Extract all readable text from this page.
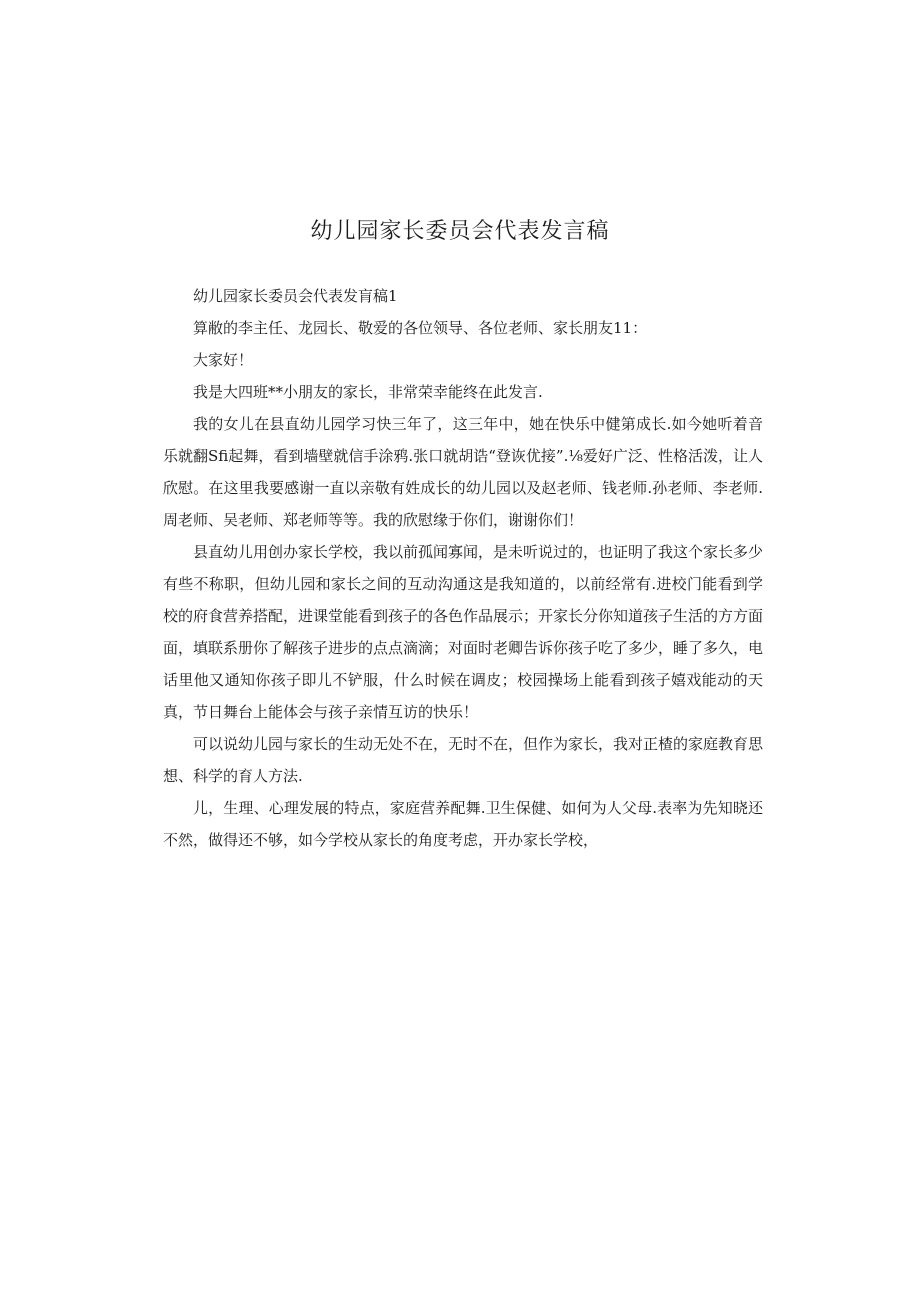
幼儿园家长委员会代表发言稿

幼儿园家长委员会代表发肓稿1

算敝的李主任、龙园长、敬爱的各位领导、各位老师、家长朋友11：

大家好！

我是大四班**小朋友的家长，非常荣幸能终在此发言.

我的女儿在县直幼儿园学习快三年了，这三年中，她在快乐中健第成长.如今她听着音乐就翻Sfi起舞，看到墙壁就信手涂鸦.张口就胡诰“登诙优接”.⅛爱好广泛、性格活泼，让人欣慰。在这里我要感谢一直以亲敬有姓成长的幼儿园以及赵老师、钱老师.孙老师、李老师.周老师、吴老师、郑老师等等。我的欣慰缘于你们，谢谢你们！

县直幼儿用创办家长学校，我以前孤闻寡闻，是未听说过的，也证明了我这个家长多少有些不称职，但幼儿园和家长之间的互动沟通这是我知道的，以前经常有.进校门能看到学校的府食营养搭配，进课堂能看到孩子的各色作品展示；开家长分你知道孩子生活的方方面面，填联系册你了解孩子进步的点点滴滴；对面时老卿告诉你孩子吃了多少，睡了多久，电话里他又通知你孩子即儿不铲服，什么时候在调皮；校园操场上能看到孩子嬉戏能动的天真，节日舞台上能体会与孩子亲情互访的快乐！

可以说幼儿园与家长的生动无处不在，无时不在，但作为家长，我对正楂的家庭教育思想、科学的育人方法.

儿，生理、心理发展的特点，家庭营养配舞.卫生保健、如何为人父母.表率为先知晓还不然，做得还不够，如今学校从家长的角度考虑，开办家长学校，
